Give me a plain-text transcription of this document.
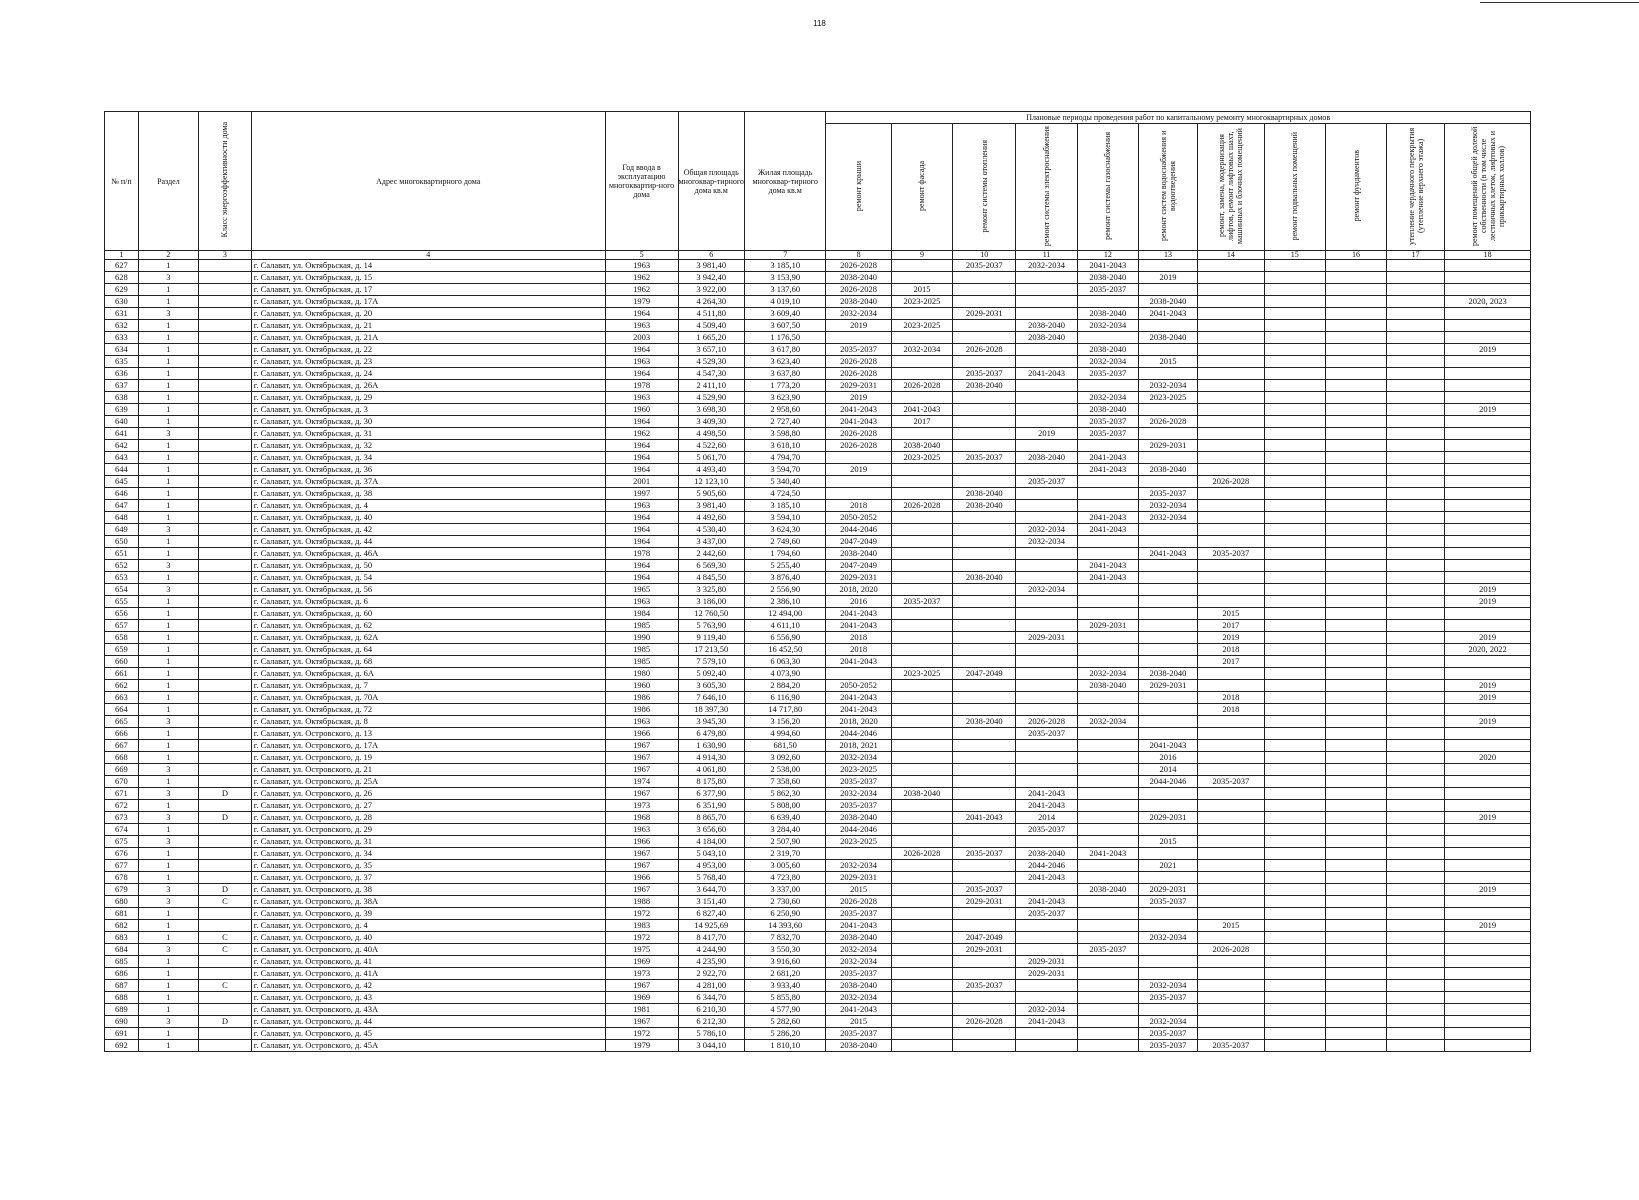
118
№ п/п	Раздел	Класс энергоэффективности дома	Адрес многоквартирного дома	Год ввода в эксплуатацию многоквартир-ного дома	Общая площадь многоквар-тирного дома кв.м	Жилая площадь многоквар-тирного дома кв.м	Плановые периоды проведения работ по капитальному ремонту многоквартирных домов										
							ремонт крыши	ремонт фасада	ремонт системы отопления	ремонт системы электроснабжения	ремонт системы газоснабжения	ремонт систем водоснабжения и водоотведения	ремонт, замена, модернизация лифтов, ремонт лифтовых шахт, машинных и блочных помещений	ремонт подвальных помещений	ремонт фундаментов	утепление чердачного перекрытия (утепление верхнего этажа)	ремонт помещений общей долевой собственности (в том числе лестничных клеток, лифтовых и приквартирных холлов)
1	2	3	4	5	6	7	8	9	10	11	12	13	14	15	16	17	18
627	1		г. Салават, ул. Октябрьская, д. 14	1963	3 981,40	3 185,10	2026-2028		2035-2037	2032-2034	2041-2043						
628	3		г. Салават, ул. Октябрьская, д. 15	1962	3 942,40	3 153,90	2038-2040				2038-2040	2019					
629	1		г. Салават, ул. Октябрьская, д. 17	1962	3 922,00	3 137,60	2026-2028	2015			2035-2037						
630	1		г. Салават, ул. Октябрьская, д. 17А	1979	4 264,30	4 019,10	2038-2040	2023-2025				2038-2040					2020, 2023
631	3		г. Салават, ул. Октябрьская, д. 20	1964	4 511,80	3 609,40	2032-2034		2029-2031		2038-2040	2041-2043					
632	1		г. Салават, ул. Октябрьская, д. 21	1963	4 509,40	3 607,50	2019	2023-2025		2038-2040	2032-2034						
633	1		г. Салават, ул. Октябрьская, д. 21А	2003	1 665,20	1 176,50				2038-2040		2038-2040					
634	1		г. Салават, ул. Октябрьская, д. 22	1964	3 657,10	3 617,80	2035-2037	2032-2034	2026-2028		2038-2040						2019
635	1		г. Салават, ул. Октябрьская, д. 23	1963	4 529,30	3 623,40	2026-2028				2032-2034	2015					
636	1		г. Салават, ул. Октябрьская, д. 24	1964	4 547,30	3 637,80	2026-2028		2035-2037	2041-2043	2035-2037						
637	1		г. Салават, ул. Октябрьская, д. 26А	1978	2 411,10	1 773,20	2029-2031	2026-2028	2038-2040			2032-2034					
638	1		г. Салават, ул. Октябрьская, д. 29	1963	4 529,90	3 623,90	2019				2032-2034	2023-2025					
639	1		г. Салават, ул. Октябрьская, д. 3	1960	3 698,30	2 958,60	2041-2043	2041-2043			2038-2040						2019
640	1		г. Салават, ул. Октябрьская, д. 30	1964	3 409,30	2 727,40	2041-2043	2017			2035-2037	2026-2028					
641	3		г. Салават, ул. Октябрьская, д. 31	1962	4 498,50	3 598,80	2026-2028			2019	2035-2037						
642	1		г. Салават, ул. Октябрьская, д. 32	1964	4 522,60	3 618,10	2026-2028	2038-2040				2029-2031					
643	1		г. Салават, ул. Октябрьская, д. 34	1964	5 061,70	4 794,70		2023-2025	2035-2037	2038-2040	2041-2043						
644	1		г. Салават, ул. Октябрьская, д. 36	1964	4 493,40	3 594,70	2019				2041-2043	2038-2040					
645	1		г. Салават, ул. Октябрьская, д. 37А	2001	12 123,10	5 340,40				2035-2037			2026-2028				
646	1		г. Салават, ул. Октябрьская, д. 38	1997	5 905,60	4 724,50			2038-2040			2035-2037					
647	1		г. Салават, ул. Октябрьская, д. 4	1963	3 981,40	3 185,10	2018	2026-2028	2038-2040			2032-2034					
648	1		г. Салават, ул. Октябрьская, д. 40	1964	4 492,60	3 594,10	2050-2052				2041-2043	2032-2034					
649	3		г. Салават, ул. Октябрьская, д. 42	1964	4 530,40	3 624,30	2044-2046			2032-2034	2041-2043						
650	1		г. Салават, ул. Октябрьская, д. 44	1964	3 437,00	2 749,60	2047-2049			2032-2034							
651	1		г. Салават, ул. Октябрьская, д. 46А	1978	2 442,60	1 794,60	2038-2040					2041-2043	2035-2037				
652	3		г. Салават, ул. Октябрьская, д. 50	1964	6 569,30	5 255,40	2047-2049				2041-2043						
653	1		г. Салават, ул. Октябрьская, д. 54	1964	4 845,50	3 876,40	2029-2031		2038-2040		2041-2043						
654	3		г. Салават, ул. Октябрьская, д. 56	1965	3 325,80	2 556,90	2018, 2020			2032-2034							2019
655	1		г. Салават, ул. Октябрьская, д. 6	1963	3 186,00	2 386,10	2016	2035-2037									2019
656	1		г. Салават, ул. Октябрьская, д. 60	1984	12 760,50	12 494,00	2041-2043						2015				
657	1		г. Салават, ул. Октябрьская, д. 62	1985	5 763,90	4 611,10	2041-2043				2029-2031		2017				
658	1		г. Салават, ул. Октябрьская, д. 62А	1990	9 119,40	6 556,90	2018			2029-2031			2019				2019
659	1		г. Салават, ул. Октябрьская, д. 64	1985	17 213,50	16 452,50	2018						2018				2020, 2022
660	1		г. Салават, ул. Октябрьская, д. 68	1985	7 579,10	6 063,30	2041-2043						2017				
661	1		г. Салават, ул. Октябрьская, д. 6А	1980	5 092,40	4 073,90		2023-2025	2047-2049		2032-2034	2038-2040					
662	1		г. Салават, ул. Октябрьская, д. 7	1960	3 605,30	2 884,20	2050-2052				2038-2040	2029-2031					2019
663	1		г. Салават, ул. Октябрьская, д. 70А	1986	7 646,10	6 116,90	2041-2043						2018				2019
664	1		г. Салават, ул. Октябрьская, д. 72	1986	18 397,30	14 717,80	2041-2043						2018				
665	3		г. Салават, ул. Октябрьская, д. 8	1963	3 945,30	3 156,20	2018, 2020		2038-2040	2026-2028	2032-2034						2019
666	1		г. Салават, ул. Островского, д. 13	1966	6 479,80	4 994,60	2044-2046			2035-2037							
667	1		г. Салават, ул. Островского, д. 17А	1967	1 630,90	681,50	2018, 2021					2041-2043					
668	1		г. Салават, ул. Островского, д. 19	1967	4 914,30	3 092,60	2032-2034					2016					2020
669	3		г. Салават, ул. Островского, д. 21	1967	4 061,80	2 538,00	2023-2025					2014					
670	1		г. Салават, ул. Островского, д. 25А	1974	8 175,80	7 358,60	2035-2037					2044-2046	2035-2037				
671	3	D	г. Салават, ул. Островского, д. 26	1967	6 377,90	5 862,30	2032-2034	2038-2040		2041-2043							
672	1		г. Салават, ул. Островского, д. 27	1973	6 351,90	5 808,00	2035-2037			2041-2043							
673	3	D	г. Салават, ул. Островского, д. 28	1968	8 865,70	6 639,40	2038-2040		2041-2043	2014		2029-2031					2019
674	1		г. Салават, ул. Островского, д. 29	1963	3 656,60	3 284,40	2044-2046			2035-2037							
675	3		г. Салават, ул. Островского, д. 31	1966	4 184,00	2 507,90	2023-2025					2015					
676	1		г. Салават, ул. Островского, д. 34	1967	5 043,10	2 319,70		2026-2028	2035-2037	2038-2040	2041-2043						
677	1		г. Салават, ул. Островского, д. 35	1967	4 953,00	3 005,60	2032-2034			2044-2046		2021					
678	1		г. Салават, ул. Островского, д. 37	1966	5 768,40	4 723,80	2029-2031			2041-2043							
679	3	D	г. Салават, ул. Островского, д. 38	1967	3 644,70	3 337,00	2015		2035-2037		2038-2040	2029-2031					2019
680	3	C	г. Салават, ул. Островского, д. 38А	1988	3 151,40	2 730,60	2026-2028		2029-2031	2041-2043		2035-2037					
681	1		г. Салават, ул. Островского, д. 39	1972	6 827,40	6 250,90	2035-2037			2035-2037							
682	1		г. Салават, ул. Островского, д. 4	1983	14 925,69	14 393,60	2041-2043						2015				2019
683	1	C	г. Салават, ул. Островского, д. 40	1972	8 417,70	7 832,70	2038-2040		2047-2049			2032-2034					
684	3	C	г. Салават, ул. Островского, д. 40А	1975	4 244,90	3 550,30	2032-2034		2029-2031		2035-2037		2026-2028				
685	1		г. Салават, ул. Островского, д. 41	1969	4 235,90	3 916,60	2032-2034			2029-2031							
686	1		г. Салават, ул. Островского, д. 41А	1973	2 922,70	2 681,20	2035-2037			2029-2031							
687	1	C	г. Салават, ул. Островского, д. 42	1967	4 281,00	3 933,40	2038-2040		2035-2037			2032-2034					
688	1		г. Салават, ул. Островского, д. 43	1969	6 344,70	5 855,80	2032-2034					2035-2037					
689	1		г. Салават, ул. Островского, д. 43А	1981	6 210,30	4 577,90	2041-2043			2032-2034							
690	3	D	г. Салават, ул. Островского, д. 44	1967	6 212,30	5 282,60	2015		2026-2028	2041-2043		2032-2034					
691	1		г. Салават, ул. Островского, д. 45	1972	5 786,10	5 286,20	2035-2037					2035-2037					
692	1		г. Салават, ул. Островского, д. 45А	1979	3 044,10	1 810,10	2038-2040					2035-2037	2035-2037				
